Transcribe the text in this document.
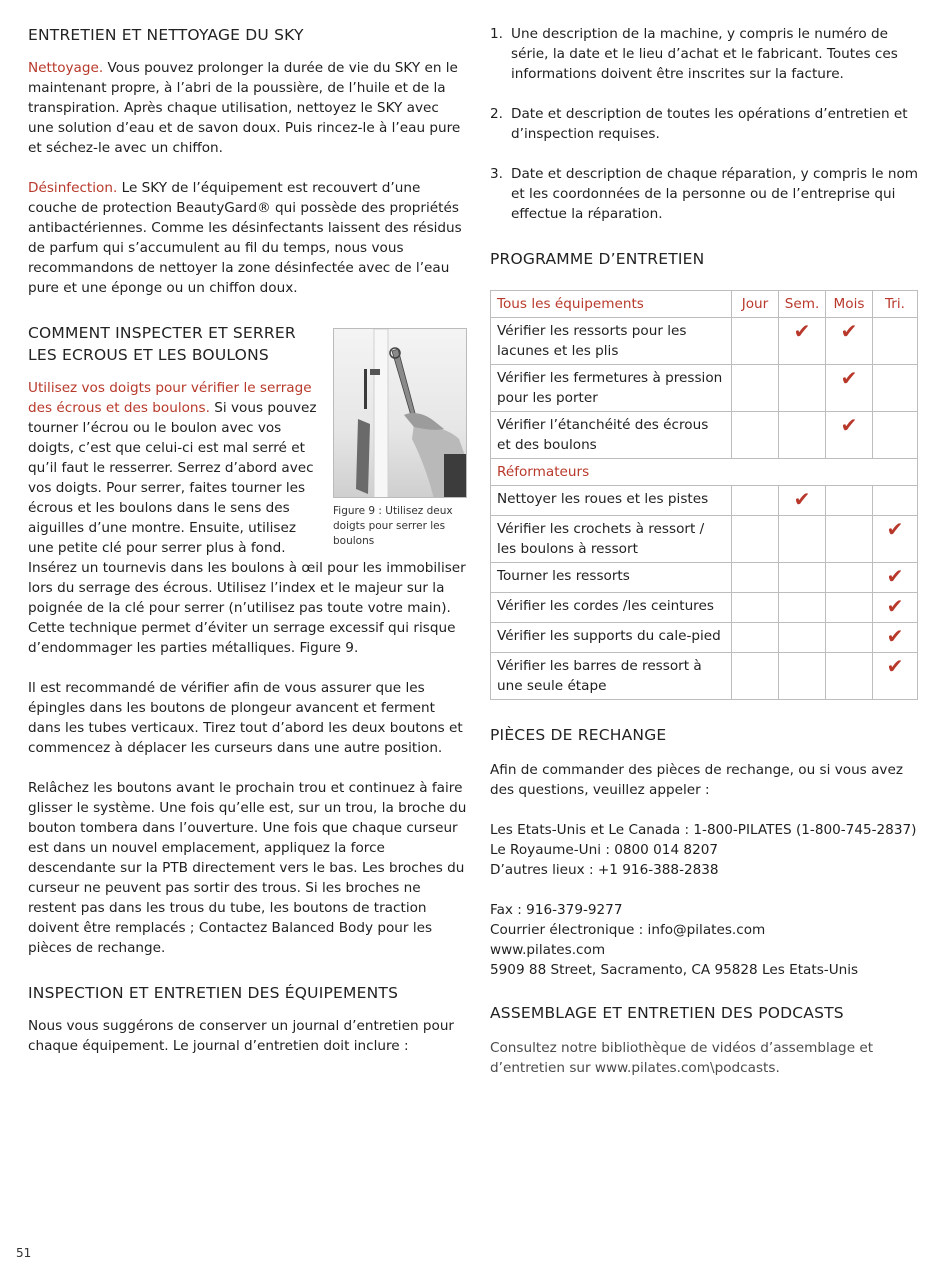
ENTRETIEN ET NETTOYAGE DU SKY

Nettoyage. Vous pouvez prolonger la durée de vie du SKY en le maintenant propre, à l’abri de la poussière, de l’huile et de la transpiration. Après chaque utilisation, nettoyez le SKY avec une solution d’eau et de savon doux. Puis rincez-le à l’eau pure et séchez-le avec un chiffon.

Désinfection. Le SKY de l’équipement est recouvert d’une couche de protection BeautyGard® qui possède des propriétés antibactériennes. Comme les désinfectants laissent des résidus de parfum qui s’accumulent au fil du temps, nous vous recommandons de nettoyer la zone désinfectée avec de l’eau pure et une éponge ou un chiffon doux.

Figure 9 : Utilisez deux doigts pour serrer les boulons
COMMENT INSPECTER ET SERRER
LES ECROUS ET LES BOULONS

Utilisez vos doigts pour vérifier le serrage des écrous et des boulons. Si vous pouvez tourner l’écrou ou le boulon avec vos doigts, c’est que celui-ci est mal serré et qu’il faut le resserrer. Serrez d’abord avec vos doigts. Pour serrer, faites tourner les écrous et les boulons dans le sens des aiguilles d’une montre. Ensuite, utilisez une petite clé pour serrer plus à fond. Insérez un tournevis dans les boulons à œil pour les immobiliser lors du serrage des écrous. Utilisez l’index et le majeur sur la poignée de la clé pour serrer (n’utilisez pas toute votre main). Cette technique permet d’éviter un serrage excessif qui risque d’endommager les parties métalliques. Figure 9.

Il est recommandé de vérifier afin de vous assurer que les épingles dans les boutons de plongeur avancent et ferment dans les tubes verticaux. Tirez tout d’abord les deux boutons et commencez à déplacer les curseurs dans une autre position.

Relâchez les boutons avant le prochain trou et continuez à faire glisser le système. Une fois qu’elle est, sur un trou, la broche du bouton tombera dans l’ouverture. Une fois que chaque curseur est dans un nouvel emplacement, appliquez la force descendante sur la PTB directement vers le bas. Les broches du curseur ne peuvent pas sortir des trous. Si les broches ne restent pas dans les trous du tube, les boutons de traction doivent être remplacés ; Contactez Balanced Body pour les pièces de rechange.

INSPECTION ET ENTRETIEN DES ÉQUIPEMENTS

Nous vous suggérons de conserver un journal d’entretien pour chaque équipement. Le journal d’entretien doit inclure :

1. Une description de la machine, y compris le numéro de série, la date et le lieu d’achat et le fabricant. Toutes ces informations doivent être inscrites sur la facture.
2. Date et description de toutes les opérations d’entretien et d’inspection requises.
3. Date et description de chaque réparation, y compris le nom et les coordonnées de la personne ou de l’entreprise qui effectue la réparation.
PROGRAMME D’ENTRETIEN
Tous les équipements	Jour	Sem.	Mois	Tri.
Vérifier les ressorts pour les lacunes et les plis		✔	✔	
Vérifier les fermetures à pression pour les porter			✔	
Vérifier l’étanchéité des écrous et des boulons			✔	
Réformateurs				
Nettoyer les roues et les pistes		✔		
Vérifier les crochets à ressort / les boulons à ressort				✔
Tourner les ressorts				✔
Vérifier les cordes /les ceintures				✔
Vérifier les supports du cale-pied				✔
Vérifier les barres de ressort à une seule étape				✔
PIÈCES DE RECHANGE

Afin de commander des pièces de rechange, ou si vous avez des questions, veuillez appeler :

Les Etats-Unis et Le Canada : 1-800-PILATES (1-800-745-2837)
Le Royaume-Uni : 0800 014 8207
D’autres lieux : +1 916-388-2838

Fax : 916-379-9277
Courrier électronique : info@pilates.com
www.pilates.com
5909 88 Street, Sacramento, CA 95828 Les Etats-Unis

ASSEMBLAGE ET ENTRETIEN DES PODCASTS

Consultez notre bibliothèque de vidéos d’assemblage et d’entretien sur www.pilates.com\podcasts.

51
